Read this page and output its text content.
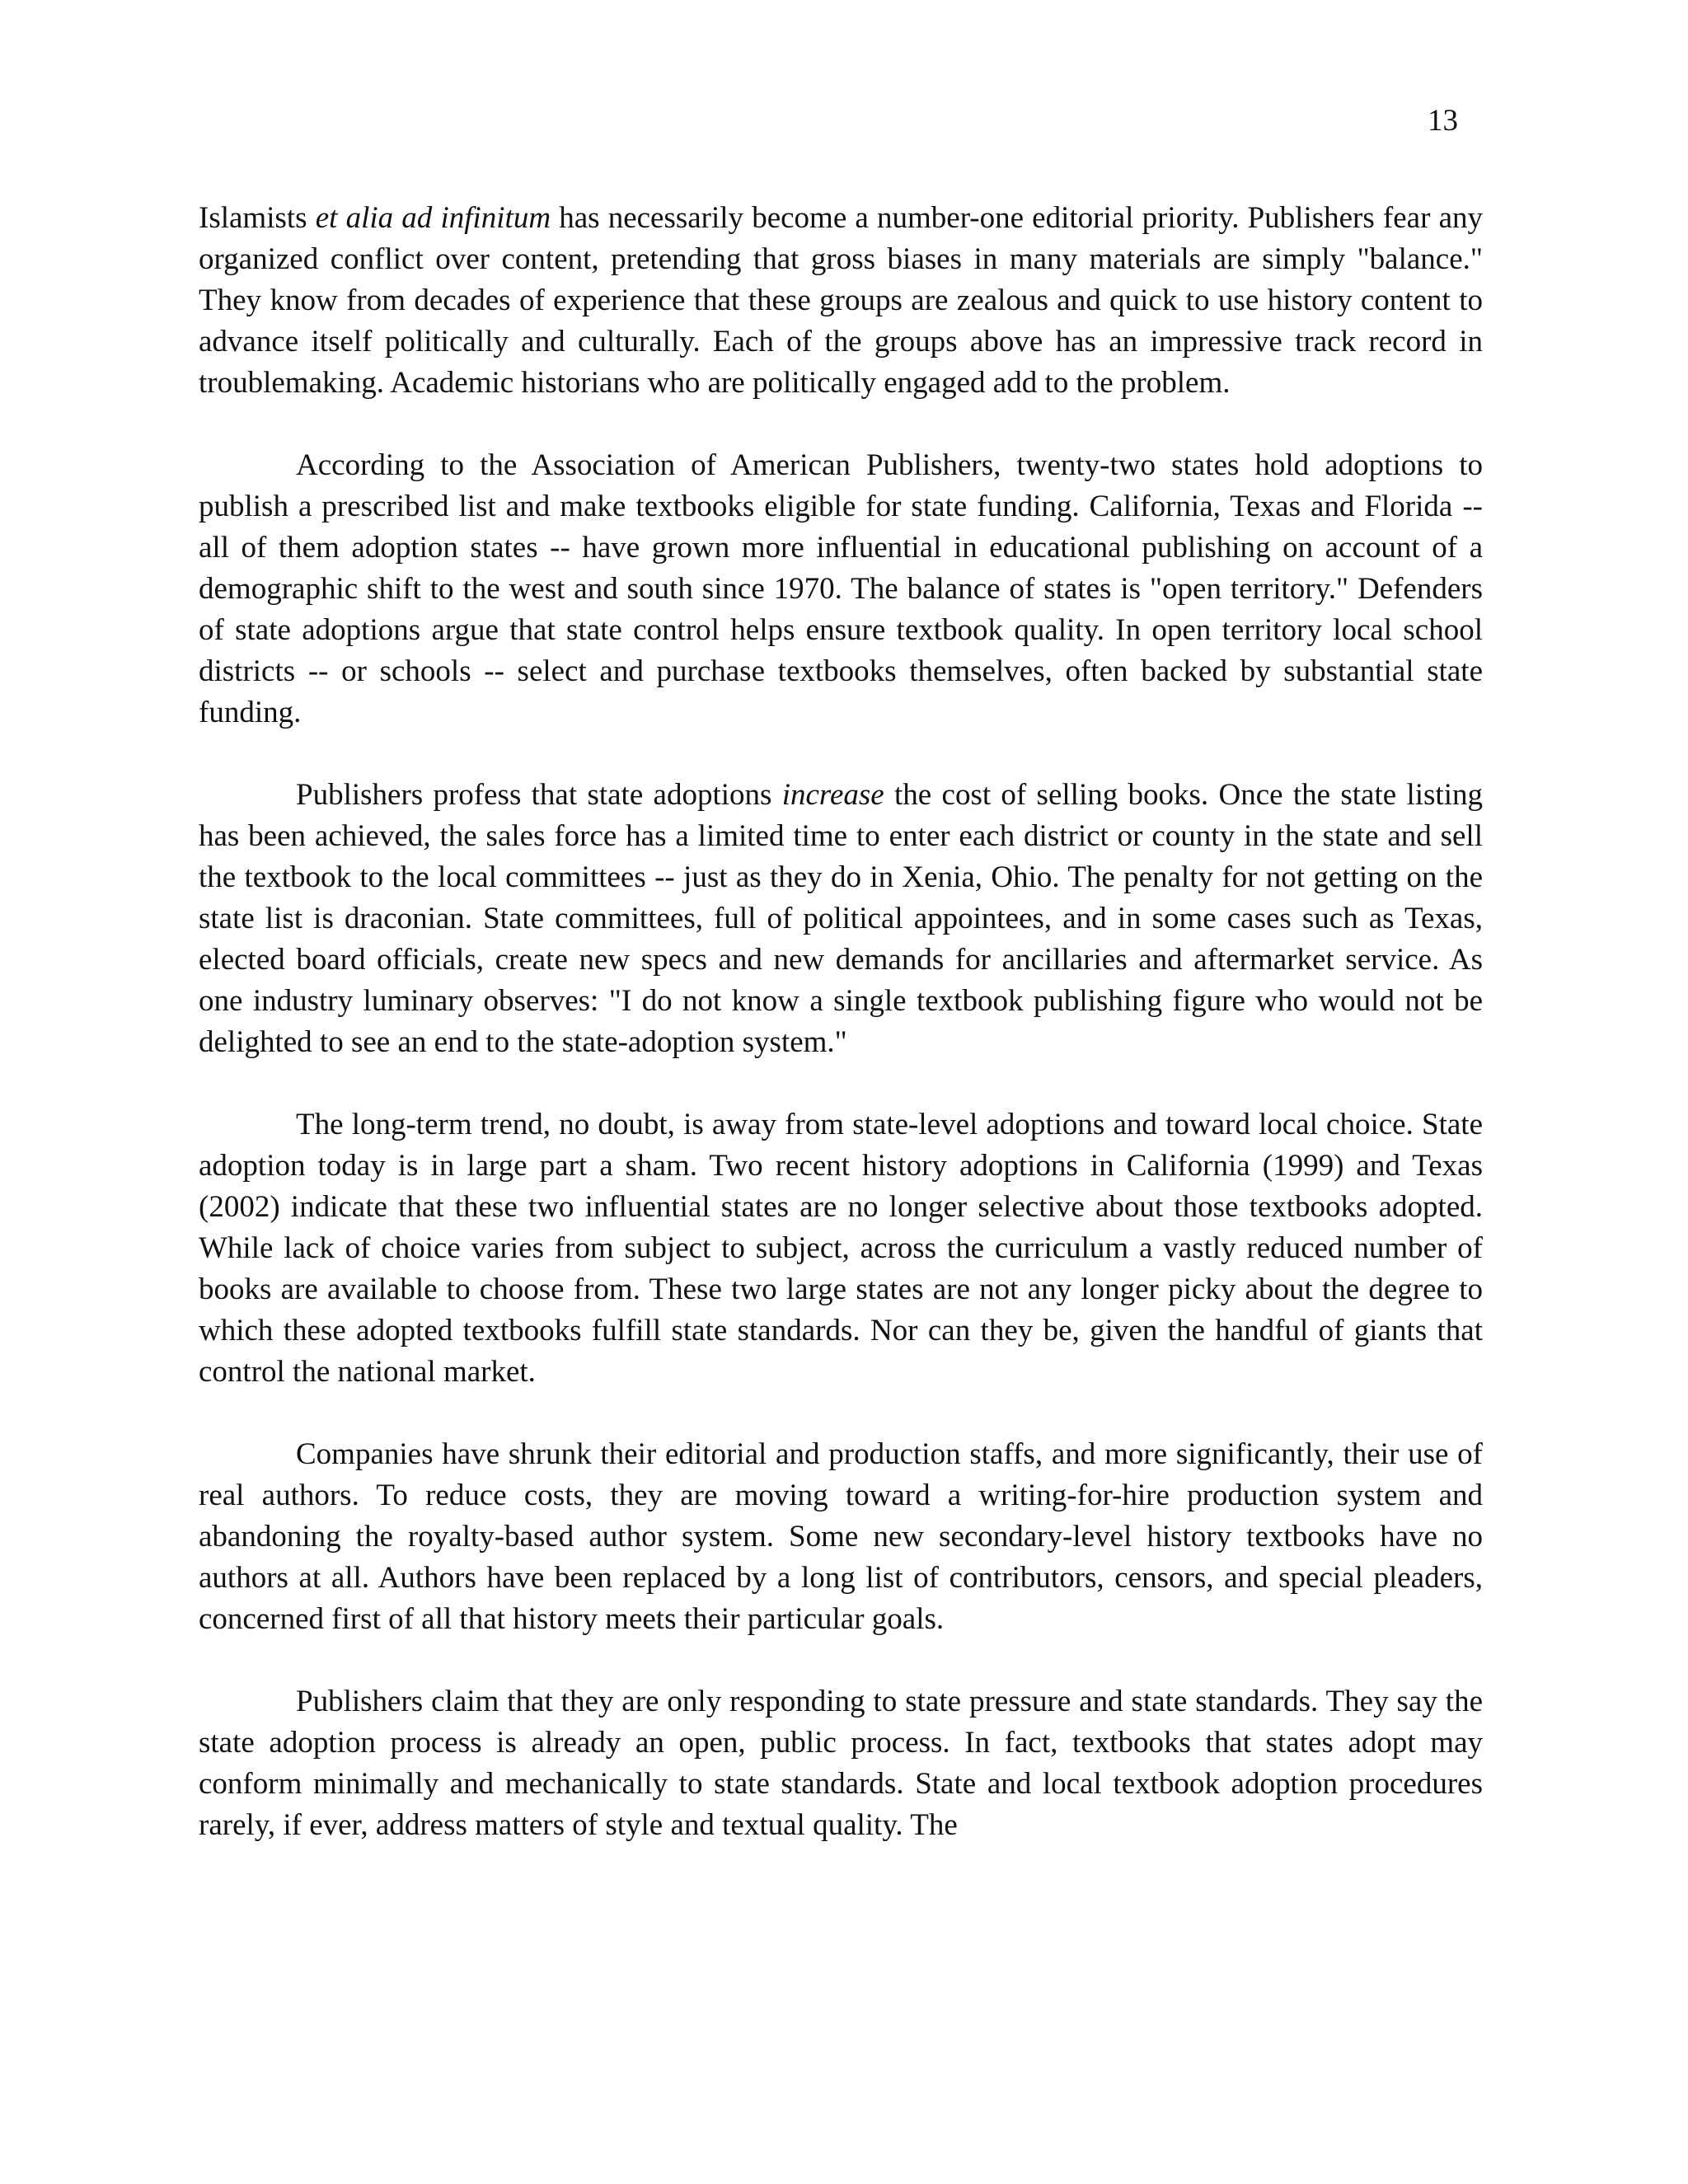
13

Islamists et alia ad infinitum has necessarily become a number-one editorial priority. Publishers fear any organized conflict over content, pretending that gross biases in many materials are simply "balance." They know from decades of experience that these groups are zealous and quick to use history content to advance itself politically and culturally. Each of the groups above has an impressive track record in troublemaking. Academic historians who are politically engaged add to the problem.

According to the Association of American Publishers, twenty-two states hold adoptions to publish a prescribed list and make textbooks eligible for state funding. California, Texas and Florida -- all of them adoption states -- have grown more influential in educational publishing on account of a demographic shift to the west and south since 1970. The balance of states is "open territory." Defenders of state adoptions argue that state control helps ensure textbook quality. In open territory local school districts -- or schools -- select and purchase textbooks themselves, often backed by substantial state funding.

Publishers profess that state adoptions increase the cost of selling books. Once the state listing has been achieved, the sales force has a limited time to enter each district or county in the state and sell the textbook to the local committees -- just as they do in Xenia, Ohio. The penalty for not getting on the state list is draconian. State committees, full of political appointees, and in some cases such as Texas, elected board officials, create new specs and new demands for ancillaries and aftermarket service. As one industry luminary observes: "I do not know a single textbook publishing figure who would not be delighted to see an end to the state-adoption system."

The long-term trend, no doubt, is away from state-level adoptions and toward local choice. State adoption today is in large part a sham. Two recent history adoptions in California (1999) and Texas (2002) indicate that these two influential states are no longer selective about those textbooks adopted. While lack of choice varies from subject to subject, across the curriculum a vastly reduced number of books are available to choose from. These two large states are not any longer picky about the degree to which these adopted textbooks fulfill state standards. Nor can they be, given the handful of giants that control the national market.

Companies have shrunk their editorial and production staffs, and more significantly, their use of real authors. To reduce costs, they are moving toward a writing-for-hire production system and abandoning the royalty-based author system. Some new secondary-level history textbooks have no authors at all. Authors have been replaced by a long list of contributors, censors, and special pleaders, concerned first of all that history meets their particular goals.

Publishers claim that they are only responding to state pressure and state standards. They say the state adoption process is already an open, public process. In fact, textbooks that states adopt may conform minimally and mechanically to state standards. State and local textbook adoption procedures rarely, if ever, address matters of style and textual quality. The
